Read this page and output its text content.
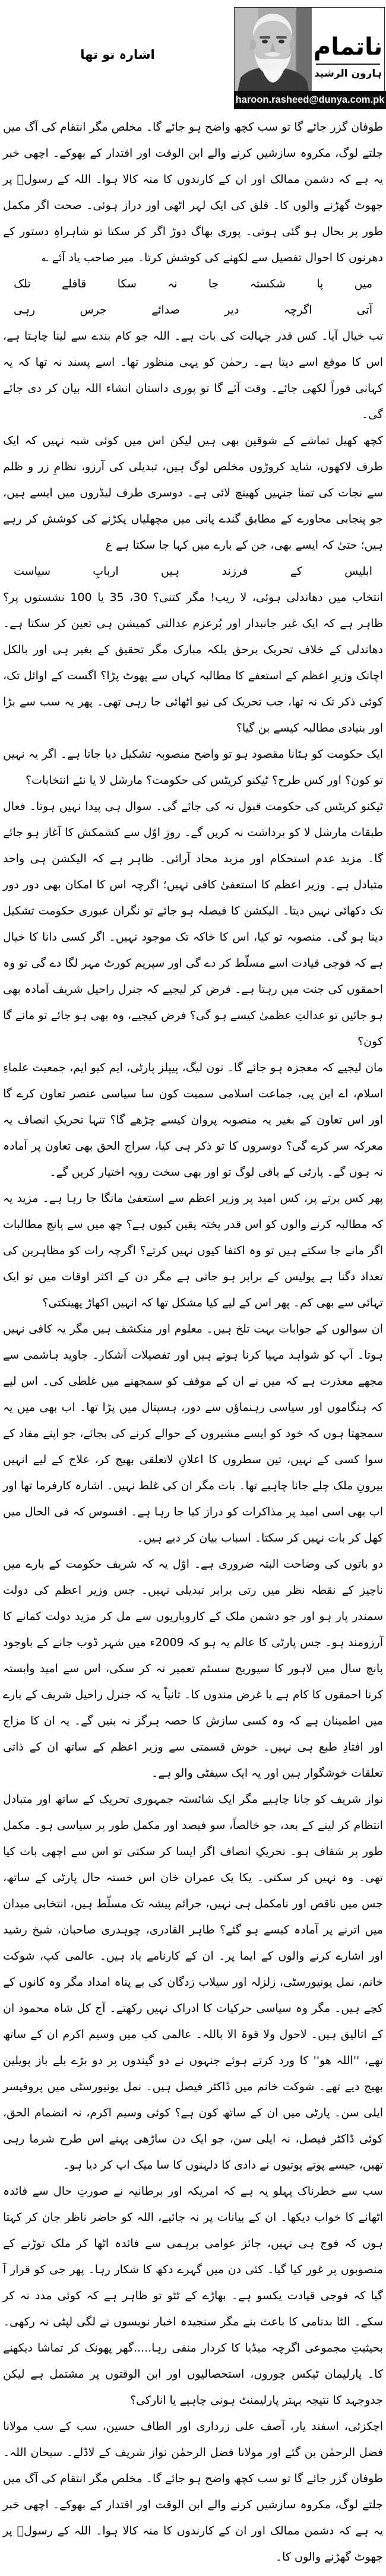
اشارہ تو تھا	ناتمام
ہارون الرشید
haroon.rasheed@dunya.com.pk

طوفان گزر جائے گا تو سب کچھ واضح ہو جائے گا۔ مخلص مگر انتقام کی آگ میں جلتے لوگ، مکروہ سازشیں کرنے والے ابن الوقت اور اقتدار کے بھوکے۔ اچھی خبر یہ ہے کہ دشمن ممالک اور ان کے کارندوں کا منہ کالا ہوا۔ اللہ کے رسولؐ پر جھوٹ گھڑنے والوں کا۔ قلق کی ایک لہر اٹھی اور دراز ہوئی۔ صحت اگر مکمل طور پر بحال ہو گئی ہوتی۔ پوری بھاگ دوڑ اگر کر سکتا تو شاہراہِ دستور کے دھرنوں کا احوال تفصیل سے لکھنے کی کوشش کرتا۔ میر صاحب یاد آئے ؎

میں
پا
شکستہ
جا
نہ
سکا
قافلے
تلک
آتی
اگرچہ
دیر
صدائے
جرس
رہی

تب خیال آیا۔ کس قدر جہالت کی بات ہے۔ اللہ جو کام بندے سے لینا چاہتا ہے، اس کا موقع اسے دیتا ہے۔ رحمٰن کو یہی منظور تھا۔ اسے پسند نہ تھا کہ یہ کہانی فوراً لکھی جائے۔ وقت آئے گا تو پوری داستان انشاء اللہ بیان کر دی جائے گی۔

کچھ کھیل تماشے کے شوقین بھی ہیں لیکن اس میں کوئی شبہ نہیں کہ ایک طرف لاکھوں، شاید کروڑوں مخلص لوگ ہیں، تبدیلی کی آرزو، نظامِ زر و ظلم سے نجات کی تمنا جنہیں کھینچ لائی ہے۔ دوسری طرف لیڈروں میں ایسے ہیں، جو پنجابی محاورے کے مطابق گندے پانی میں مچھلیاں پکڑنے کی کوشش کر رہے ہیں؛ حتیٰ کہ ایسے بھی، جن کے بارے میں کہا جا سکتا ہے ع

ابلیس
کے
فرزند
ہیں
اربابِ
سیاست

انتخاب میں دھاندلی ہوئی، لا ریب! مگر کتنی؟ 30، 35 یا 100 نشستوں پر؟ ظاہر ہے کہ ایک غیر جانبدار اور پُرعزم عدالتی کمیشن ہی تعین کر سکتا ہے۔ دھاندلی کے خلاف تحریک برحق بلکہ مبارک مگر تحقیق کے بغیر ہی اور بالکل اچانک وزیرِ اعظم کے استعفے کا مطالبہ کہاں سے پھوٹ پڑا؟ اگست کے اوائل تک، کوئی ذکر تک نہ تھا، جب تحریک کی نیو اٹھائی جا رہی تھی۔ پھر یہ سب سے بڑا اور بنیادی مطالبہ کیسے بن گیا؟

ایک حکومت کو ہٹانا مقصود ہو تو واضح منصوبہ تشکیل دیا جاتا ہے۔ اگر یہ نہیں تو کون؟ اور کس طرح؟ ٹیکنو کریٹس کی حکومت؟ مارشل لا یا نئے انتخابات؟

ٹیکنو کریٹس کی حکومت قبول نہ کی جائے گی۔ سوال ہی پیدا نہیں ہوتا۔ فعال طبقات مارشل لا کو برداشت نہ کریں گے۔ روزِ اوّل سے کشمکش کا آغاز ہو جائے گا۔ مزید عدم استحکام اور مزید محاذ آرائی۔ ظاہر ہے کہ الیکشن ہی واحد متبادل ہے۔ وزیر اعظم کا استعفیٰ کافی نہیں؛ اگرچہ اس کا امکان بھی دور دور تک دکھائی نہیں دیتا۔ الیکشن کا فیصلہ ہو جائے تو نگران عبوری حکومت تشکیل دینا ہو گی۔ منصوبہ تو کیا، اس کا خاکہ تک موجود نہیں۔ اگر کسی دانا کا خیال ہے کہ فوجی قیادت اسے مسلّط کر دے گی اور سپریم کورٹ مہر لگا دے گی تو وہ احمقوں کی جنت میں رہتا ہے۔ فرض کر لیجیے کہ جنرل راحیل شریف آمادہ بھی ہو جائیں تو عدالتِ عظمیٰ کیسے ہو گی؟ فرض کیجیے، وہ بھی ہو جائے تو مانے گا کون؟

مان لیجیے کہ معجزہ ہو جائے گا۔ نون لیگ، پیپلز پارٹی، ایم کیو ایم، جمعیت علماءِ اسلام، اے این پی، جماعت اسلامی سمیت کون سا سیاسی عنصر تعاون کرے گا اور اس تعاون کے بغیر یہ منصوبہ پروان کیسے چڑھے گا؟ تنہا تحریکِ انصاف یہ معرکہ سر کرے گی؟ دوسروں کا تو ذکر ہی کیا، سراج الحق بھی تعاون پر آمادہ نہ ہوں گے۔ پارٹی کے باقی لوگ تو اور بھی سخت رویہ اختیار کریں گے۔

پھر کس برتے پر، کس امید پر وزیر اعظم سے استعفیٰ مانگا جا رہا ہے۔ مزید یہ کہ مطالبہ کرنے والوں کو اس قدر پختہ یقین کیوں ہے؟ چھ میں سے پانچ مطالبات اگر مانے جا سکتے ہیں تو وہ اکتفا کیوں نہیں کرتے؟ اگرچہ رات کو مظاہرین کی تعداد دگنا ہے پولیس کے برابر ہو جاتی ہے مگر دن کے اکثر اوقات میں تو ایک تہائی سے بھی کم۔ پھر اس کے لیے کیا مشکل تھا کہ انہیں اکھاڑ پھینکتی؟

ان سوالوں کے جوابات بہت تلخ ہیں۔ معلوم اور منکشف ہیں مگر یہ کافی نہیں ہوتا۔ آپ کو شواہد مہیا کرنا ہوتے ہیں اور تفصیلات آشکار۔ جاوید ہاشمی سے مجھے معذرت ہے کہ میں نے ان کے موقف کو سمجھنے میں غلطی کی۔ اس لیے کہ ہنگاموں اور سیاسی رہنماؤں سے دور، ہسپتال میں پڑا تھا۔ اب بھی میں یہ سمجھتا ہوں کہ خود کو ایسے مشیروں کے حوالے کرنے کی بجائے، جو اپنے مفاد کے سوا کسی کے نہیں، تین سطروں کا اعلانِ لاتعلقی بھیج کر، علاج کے لیے انہیں بیرونِ ملک چلے جانا چاہیے تھا۔ بات مگر ان کی غلط نہیں۔ اشارہ کارفرما تھا اور اب بھی اسی امید پر مذاکرات کو دراز کیا جا رہا ہے۔ افسوس کہ فی الحال میں کھل کر بات نہیں کر سکتا۔ اسباب بیان کر دیے ہیں۔

دو باتوں کی وضاحت البتہ ضروری ہے۔ اوّل یہ کہ شریف حکومت کے بارے میں ناچیز کے نقطہ نظر میں رتی برابر تبدیلی نہیں۔ جس وزیر اعظم کی دولت سمندر پار ہو اور جو دشمن ملک کے کاروباریوں سے مل کر مزید دولت کمانے کا آرزومند ہو۔ جس پارٹی کا عالم یہ ہو کہ 2009ء میں شہر ڈوب جانے کے باوجود پانچ سال میں لاہور کا سیوریج سسٹم تعمیر نہ کر سکی، اس سے امید وابستہ کرنا احمقوں کا کام ہے یا غرض مندوں کا۔ ثانیاً یہ کہ جنرل راحیل شریف کے بارے میں اطمینان ہے کہ وہ کسی سازش کا حصہ ہرگز نہ بنیں گے۔ یہ ان کا مزاج اور افتادِ طبع ہی نہیں۔ خوش قسمتی سے وزیر اعظم کے ساتھ ان کے ذاتی تعلقات خوشگوار ہیں اور یہ ایک سیفٹی والو ہے۔

نواز شریف کو جانا چاہیے مگر ایک شائستہ جمہوری تحریک کے ساتھ اور متبادل انتظام کر لینے کے بعد، جو خالصاً، سو فیصد اور مکمل طور پر سیاسی ہو۔ مکمل طور پر شفاف ہو۔ تحریکِ انصاف اگر ایسا کر سکتی تو اس سے اچھی بات کیا تھی۔ وہ نہیں کر سکتی۔ یکا یک عمران خان اس خستہ حال پارٹی کے ساتھ، جس میں ناقص اور نامکمل ہی نہیں، جرائم پیشہ تک مسلّط ہیں، انتخابی میدان میں اترنے پر آمادہ کیسے ہو گئے؟ طاہر القادری، چوہدری صاحبان، شیخ رشید اور اشارے کرنے والوں کے ایما پر۔ ان کے کارنامے یاد ہیں۔ عالمی کپ، شوکت خانم، نمل یونیورسٹی، زلزلہ اور سیلاب زدگان کی بے پناہ امداد مگر وہ کانوں کے کچے ہیں۔ مگر وہ سیاسی حرکیات کا ادراک نہیں رکھتے۔ آج کل شاہ محمود ان کے اتالیق ہیں۔ لاحول ولا قوۃ الا باللہ۔ عالمی کپ میں وسیم اکرم ان کے ساتھ تھے، ''اللہ ھو'' کا ورد کرتے ہوئے جنہوں نے دو گیندوں پر دو بڑے بلے باز پویلین بھیج دیے تھے۔ شوکت خانم میں ڈاکٹر فیصل ہیں۔ نمل یونیورسٹی میں پروفیسر ایلی سن۔ پارٹی میں ان کے ساتھ کون ہے؟ کوئی وسیم اکرم، نہ انضمام الحق، کوئی ڈاکٹر فیصل، نہ ایلی سن، جو ایک دن ساڑھی پہنے اس طرح شرما رہی تھیں، جیسے پوتے پوتیوں نے دادی کا دلہنوں کا سا میک اپ کر دیا ہو۔

سب سے خطرناک پہلو یہ ہے کہ امریکہ اور برطانیہ نے صورتِ حال سے فائدہ اٹھانے کا خواب دیکھا۔ ان کے بیانات پر نہ جائیے، اللہ کو حاضر ناظر جان کر کہتا ہوں کہ فوج ہی نہیں، جائز عوامی برہمی سے فائدہ اٹھا کر ملک توڑنے کے منصوبوں پر غور کیا گیا۔ کئی دن میں گہرے دکھ کا شکار رہا۔ پھر جی کو قرار آ گیا کہ فوجی قیادت یکسو ہے۔ بھاڑے کے ٹٹو تو ظاہر ہے کہ کوئی مدد نہ کر سکے۔ الٹا بدنامی کا باعث بنے مگر سنجیدہ اخبار نویسوں نے لگی لپٹی نہ رکھی۔ بحیثیتِ مجموعی اگرچہ میڈیا کا کردار منفی رہا.....گھر پھونک کر تماشا دیکھنے کا۔ پارلیمان ٹیکس چوروں، استحصالیوں اور ابن الوقتوں پر مشتمل ہے لیکن جدوجہد کا نتیجہ بہتر پارلیمنٹ ہونی چاہیے یا انارکی؟

اچکزئی، اسفند یار، آصف علی زرداری اور الطاف حسین، سب کے سب مولانا فضل الرحمٰن بن گئے اور مولانا فضل الرحمٰن نواز شریف کے لاڈلے۔ سبحان اللہ۔ طوفان گزر جائے گا تو سب کچھ واضح ہو جائے گا۔ مخلص مگر انتقام کی آگ میں جلتے لوگ، مکروہ سازشیں کرنے والے ابن الوقت اور اقتدار کے بھوکے۔ اچھی خبر یہ ہے کہ دشمن ممالک اور ان کے کارندوں کا منہ کالا ہوا۔ اللہ کے رسولؐ پر جھوٹ گھڑنے والوں کا۔
